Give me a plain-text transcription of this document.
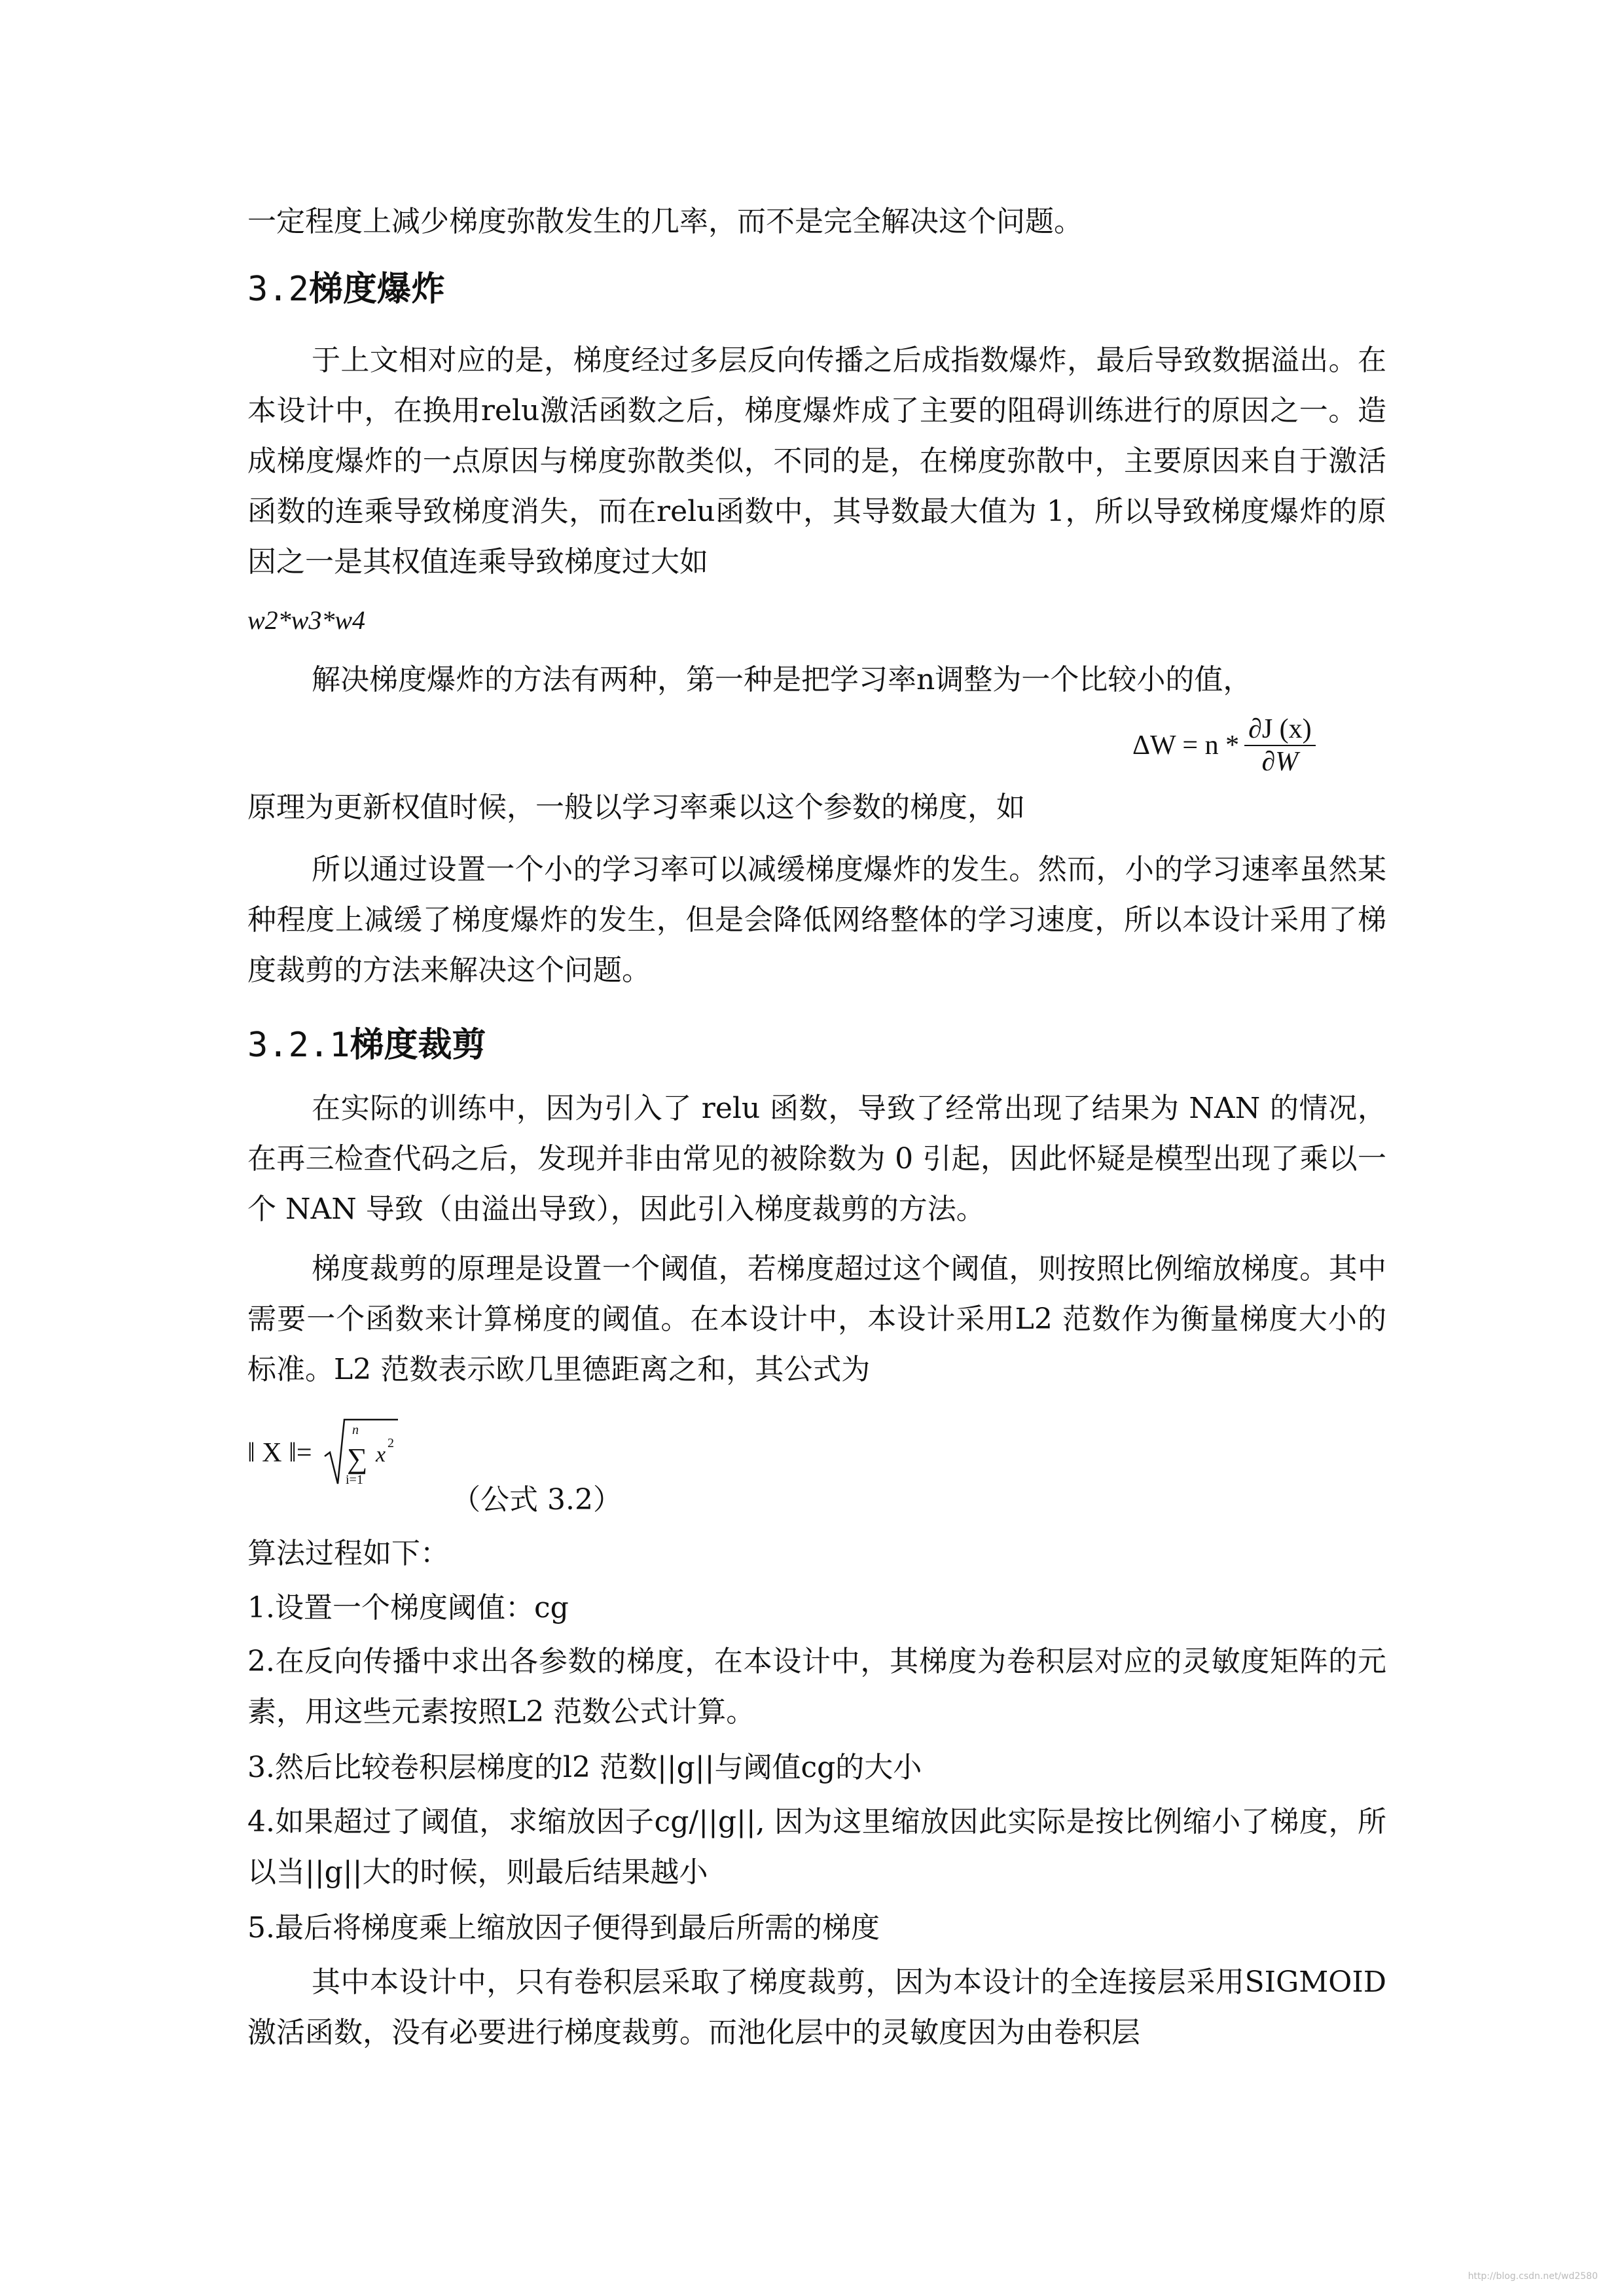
一定程度上减少梯度弥散发生的几率，而不是完全解决这个问题。
3.2梯度爆炸
于上文相对应的是，梯度经过多层反向传播之后成指数爆炸，最后导致数据溢出。在本设计中，在换用relu激活函数之后，梯度爆炸成了主要的阻碍训练进行的原因之一。造成梯度爆炸的一点原因与梯度弥散类似，不同的是，在梯度弥散中，主要原因来自于激活函数的连乘导致梯度消失，而在relu函数中，其导数最大值为 1，所以导致梯度爆炸的原因之一是其权值连乘导致梯度过大如
w2*w3*w4
解决梯度爆炸的方法有两种，第一种是把学习率n调整为一个比较小的值，
$\Delta W = n * \frac{\partial J (x)}{\partial W}$
原理为更新权值时候，一般以学习率乘以这个参数的梯度，如
所以通过设置一个小的学习率可以减缓梯度爆炸的发生。然而，小的学习速率虽然某种程度上减缓了梯度爆炸的发生，但是会降低网络整体的学习速度，所以本设计采用了梯度裁剪的方法来解决这个问题。
3.2.1梯度裁剪
在实际的训练中，因为引入了 relu 函数，导致了经常出现了结果为 NAN 的情况，在再三检查代码之后，发现并非由常见的被除数为 0 引起，因此怀疑是模型出现了乘以一个 NAN 导致（由溢出导致），因此引入梯度裁剪的方法。
梯度裁剪的原理是设置一个阈值，若梯度超过这个阈值，则按照比例缩放梯度。其中需要一个函数来计算梯度的阈值。在本设计中，本设计采用L2 范数作为衡量梯度大小的标准。L2 范数表示欧几里德距离之和，其公式为
‖ X ‖= ∑
n
i=1
x 2
（公式 3.2）
算法过程如下：
1.设置一个梯度阈值：cg
2.在反向传播中求出各参数的梯度，在本设计中，其梯度为卷积层对应的灵敏度矩阵的元素，用这些元素按照L2 范数公式计算。
3.然后比较卷积层梯度的l2 范数||g||与阈值cg的大小
4.如果超过了阈值，求缩放因子cg/||g||, 因为这里缩放因此实际是按比例缩小了梯度，所以当||g||大的时候，则最后结果越小
5.最后将梯度乘上缩放因子便得到最后所需的梯度
其中本设计中，只有卷积层采取了梯度裁剪，因为本设计的全连接层采用SIGMOID激活函数，没有必要进行梯度裁剪。而池化层中的灵敏度因为由卷积层
http://blog.csdn.net/wd2580
